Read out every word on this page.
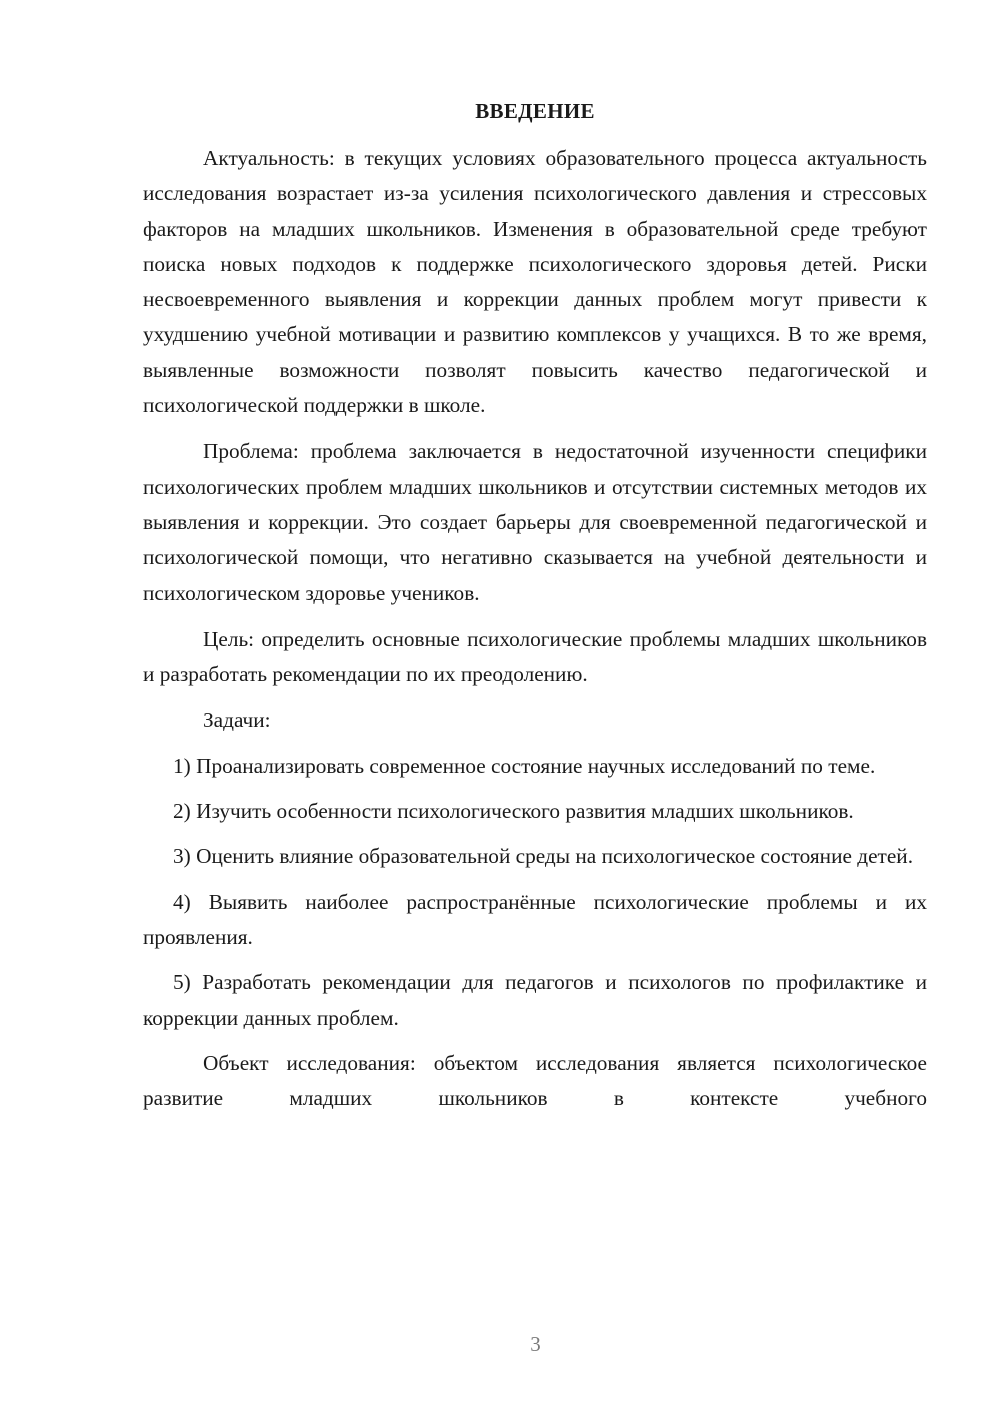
ВВЕДЕНИЕ

Актуальность: в текущих условиях образовательного процесса актуальность исследования возрастает из-за усиления психологического давления и стрессовых факторов на младших школьников. Изменения в образовательной среде требуют поиска новых подходов к поддержке психологического здоровья детей. Риски несвоевременного выявления и коррекции данных проблем могут привести к ухудшению учебной мотивации и развитию комплексов у учащихся. В то же время, выявленные возможности позволят повысить качество педагогической и психологической поддержки в школе.

Проблема: проблема заключается в недостаточной изученности специфики психологических проблем младших школьников и отсутствии системных методов их выявления и коррекции. Это создает барьеры для своевременной педагогической и психологической помощи, что негативно сказывается на учебной деятельности и психологическом здоровье учеников.

Цель: определить основные психологические проблемы младших школьников и разработать рекомендации по их преодолению.

Задачи:

1) Проанализировать современное состояние научных исследований по теме.

2) Изучить особенности психологического развития младших школьников.

3) Оценить влияние образовательной среды на психологическое состояние детей.

4) Выявить наиболее распространённые психологические проблемы и их проявления.

5) Разработать рекомендации для педагогов и психологов по профилактике и коррекции данных проблем.

Объект исследования: объектом исследования является психологическое развитие младших школьников в контексте учебного

3
